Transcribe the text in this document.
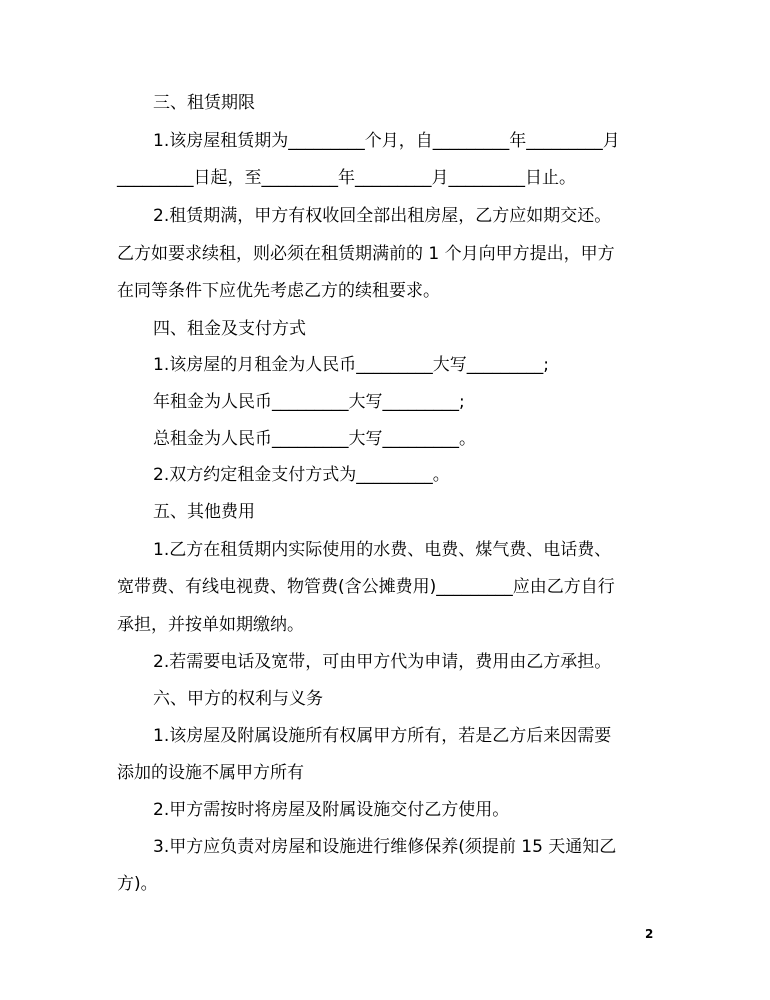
三、租赁期限
1.该房屋租赁期为_________个月，自_________年_________月
_________日起，至_________年_________月_________日止。
2.租赁期满，甲方有权收回全部出租房屋，乙方应如期交还。
乙方如要求续租，则必须在租赁期满前的 1 个月向甲方提出，甲方
在同等条件下应优先考虑乙方的续租要求。
四、租金及支付方式
1.该房屋的月租金为人民币_________大写_________;
年租金为人民币_________大写_________;
总租金为人民币_________大写_________。
2.双方约定租金支付方式为_________。
五、其他费用
1.乙方在租赁期内实际使用的水费、电费、煤气费、电话费、
宽带费、有线电视费、物管费(含公摊费用)_________应由乙方自行
承担，并按单如期缴纳。
2.若需要电话及宽带，可由甲方代为申请，费用由乙方承担。
六、甲方的权利与义务
1.该房屋及附属设施所有权属甲方所有，若是乙方后来因需要
添加的设施不属甲方所有
2.甲方需按时将房屋及附属设施交付乙方使用。
3.甲方应负责对房屋和设施进行维修保养(须提前 15 天通知乙
方)。
2
